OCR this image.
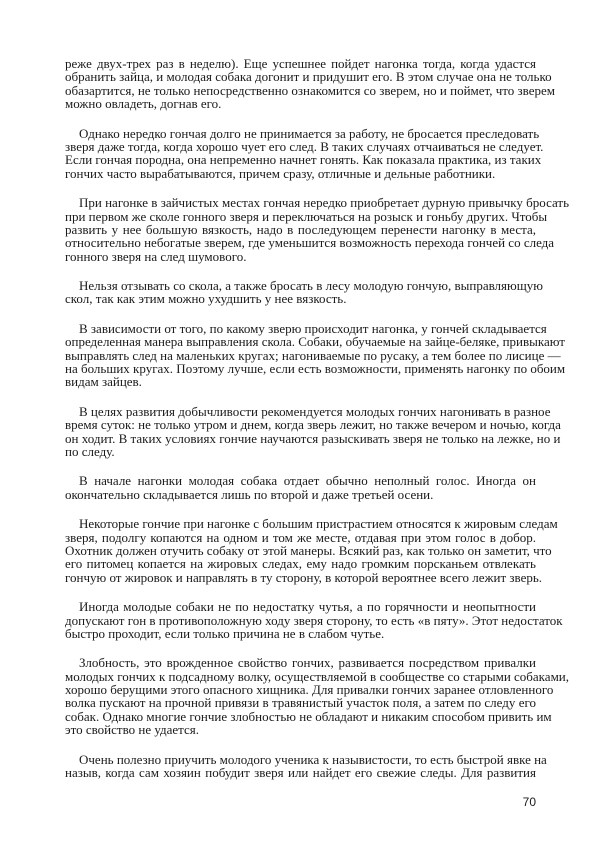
реже двух-трех раз в неделю). Еще успешнее пойдет нагонка тогда, когда удастся
обранить зайца, и молодая собака догонит и придушит его. В этом случае она не только
обазартится, не только непосредственно ознакомится со зверем, но и поймет, что зверем
можно овладеть, догнав его.
Однако нередко гончая долго не принимается за работу, не бросается преследовать
зверя даже тогда, когда хорошо чует его след. В таких случаях отчаиваться не следует.
Если гончая породна, она непременно начнет гонять. Как показала практика, из таких
гончих часто вырабатываются, причем сразу, отличные и дельные работники.
При нагонке в зайчистых местах гончая нередко приобретает дурную привычку бросать
при первом же сколе гонного зверя и переключаться на розыск и гоньбу других. Чтобы
развить у нее большую вязкость, надо в последующем перенести нагонку в места,
относительно небогатые зверем, где уменьшится возможность перехода гончей со следа
гонного зверя на след шумового.
Нельзя отзывать со скола, а также бросать в лесу молодую гончую, выправляющую
скол, так как этим можно ухудшить у нее вязкость.
В зависимости от того, по какому зверю происходит нагонка, у гончей складывается
определенная манера выправления скола. Собаки, обучаемые на зайце-беляке, привыкают
выправлять след на маленьких кругах; нагониваемые по русаку, а тем более по лисице —
на больших кругах. Поэтому лучше, если есть возможности, применять нагонку по обоим
видам зайцев.
В целях развития добычливости рекомендуется молодых гончих нагонивать в разное
время суток: не только утром и днем, когда зверь лежит, но также вечером и ночью, когда
он ходит. В таких условиях гончие научаются разыскивать зверя не только на лежке, но и
по следу.
В начале нагонки молодая собака отдает обычно неполный голос. Иногда он
окончательно складывается лишь по второй и даже третьей осени.
Некоторые гончие при нагонке с большим пристрастием относятся к жировым следам
зверя, подолгу копаются на одном и том же месте, отдавая при этом голос в добор.
Охотник должен отучить собаку от этой манеры. Всякий раз, как только он заметит, что
его питомец копается на жировых следах, ему надо громким порсканьем отвлекать
гончую от жировок и направлять в ту сторону, в которой вероятнее всего лежит зверь.
Иногда молодые собаки не по недостатку чутья, а по горячности и неопытности
допускают гон в противоположную ходу зверя сторону, то есть «в пяту». Этот недостаток
быстро проходит, если только причина не в слабом чутье.
Злобность, это врожденное свойство гончих, развивается посредством привалки
молодых гончих к подсадному волку, осуществляемой в сообществе со старыми собаками,
хорошо берущими этого опасного хищника. Для привалки гончих заранее отловленного
волка пускают на прочной привязи в травянистый участок поля, а затем по следу его
собак. Однако многие гончие злобностью не обладают и никаким способом привить им
это свойство не удается.
Очень полезно приучить молодого ученика к назывистости, то есть быстрой явке на
назыв, когда сам хозяин побудит зверя или найдет его свежие следы. Для развития
70
